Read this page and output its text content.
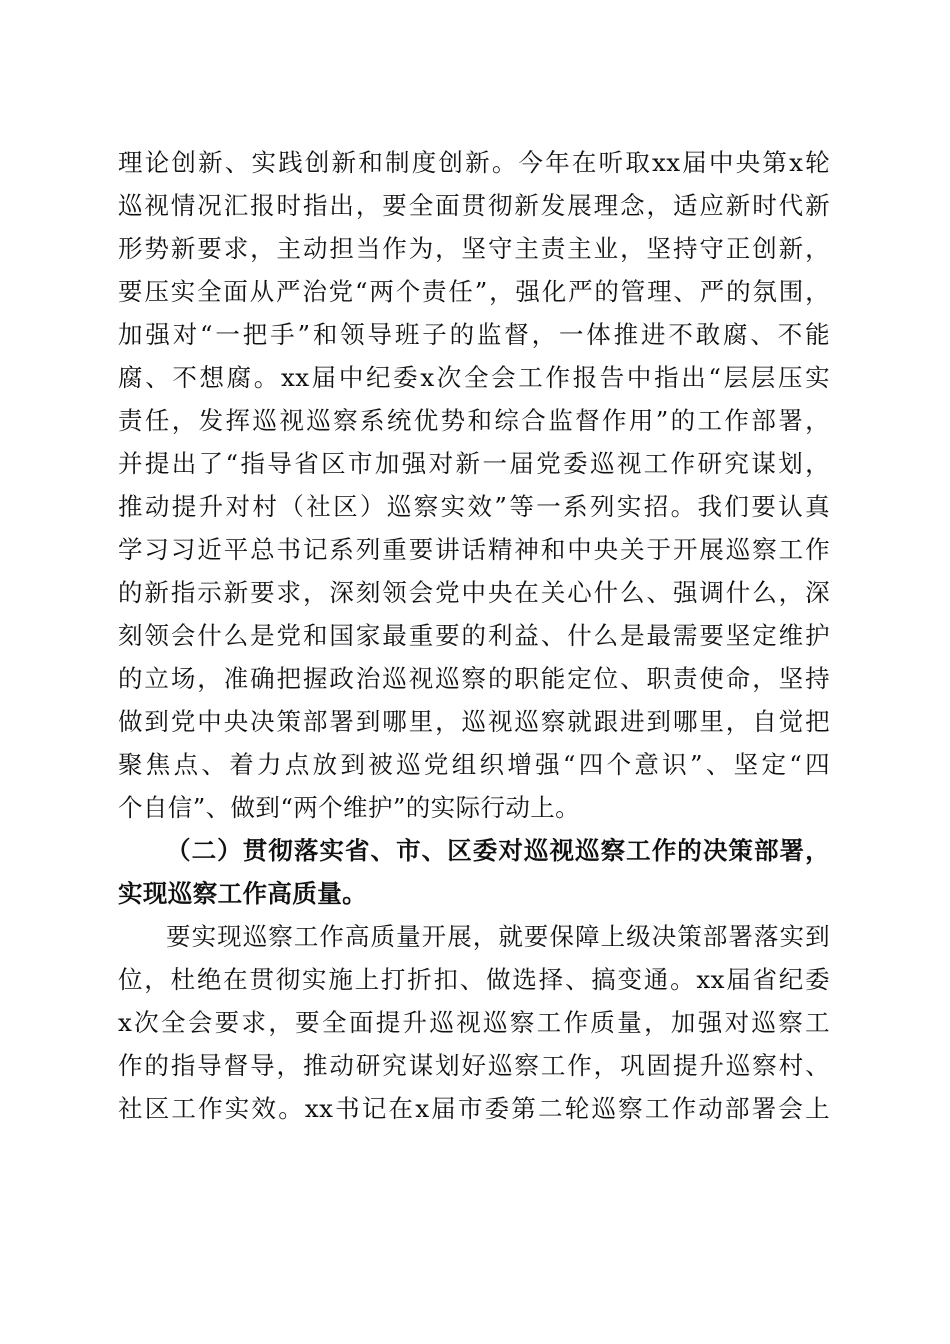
理论创新、实践创新和制度创新。今年在听取xx届中央第x轮
巡视情况汇报时指出，要全面贯彻新发展理念，适应新时代新
形势新要求，主动担当作为，坚守主责主业，坚持守正创新，
要压实全面从严治党“两个责任”，强化严的管理、严的氛围，
加强对“一把手”和领导班子的监督，一体推进不敢腐、不能
腐、不想腐。xx届中纪委x次全会工作报告中指出“层层压实
责任，发挥巡视巡察系统优势和综合监督作用”的工作部署，
并提出了“指导省区市加强对新一届党委巡视工作研究谋划，
推动提升对村（社区）巡察实效”等一系列实招。我们要认真
学习习近平总书记系列重要讲话精神和中央关于开展巡察工作
的新指示新要求，深刻领会党中央在关心什么、强调什么，深
刻领会什么是党和国家最重要的利益、什么是最需要坚定维护
的立场，准确把握政治巡视巡察的职能定位、职责使命，坚持
做到党中央决策部署到哪里，巡视巡察就跟进到哪里，自觉把
聚焦点、着力点放到被巡党组织增强“四个意识”、坚定“四
个自信”、做到“两个维护”的实际行动上。
（二）贯彻落实省、市、区委对巡视巡察工作的决策部署，
实现巡察工作高质量。
要实现巡察工作高质量开展，就要保障上级决策部署落实到
位，杜绝在贯彻实施上打折扣、做选择、搞变通。xx届省纪委
x次全会要求，要全面提升巡视巡察工作质量，加强对巡察工
作的指导督导，推动研究谋划好巡察工作，巩固提升巡察村、
社区工作实效。xx书记在x届市委第二轮巡察工作动部署会上
